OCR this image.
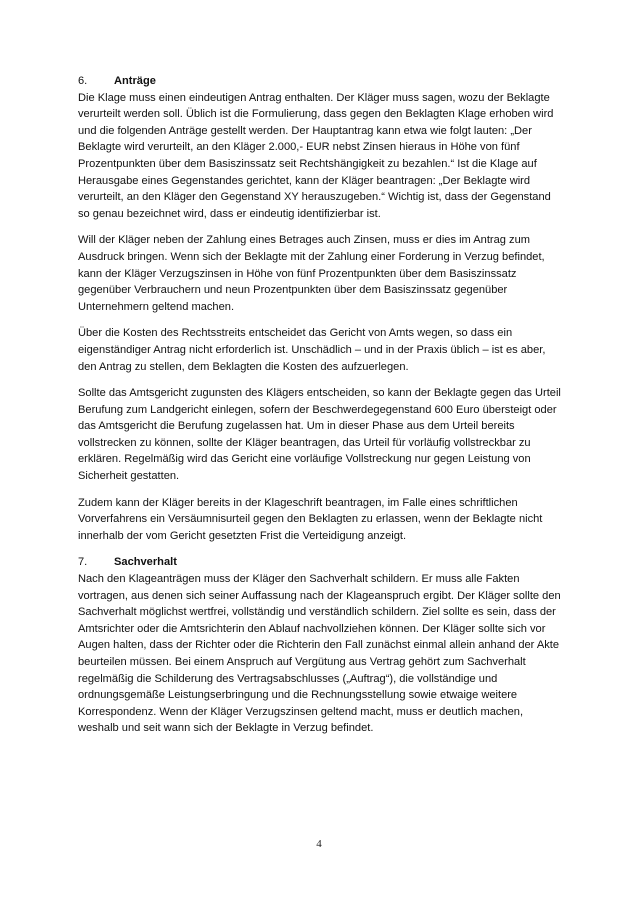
6. Anträge

Die Klage muss einen eindeutigen Antrag enthalten. Der Kläger muss sagen, wozu der Beklagte verurteilt werden soll. Üblich ist die Formulierung, dass gegen den Beklagten Klage erhoben wird und die folgenden Anträge gestellt werden. Der Hauptantrag kann etwa wie folgt lauten: „Der Beklagte wird verurteilt, an den Kläger 2.000,- EUR nebst Zinsen hieraus in Höhe von fünf Prozentpunkten über dem Basiszinssatz seit Rechtshängigkeit zu bezahlen.“ Ist die Klage auf Herausgabe eines Gegenstandes gerichtet, kann der Kläger beantragen: „Der Beklagte wird verurteilt, an den Kläger den Gegenstand XY herauszugeben.“ Wichtig ist, dass der Gegenstand so genau bezeichnet wird, dass er eindeutig identifizierbar ist.

Will der Kläger neben der Zahlung eines Betrages auch Zinsen, muss er dies im Antrag zum Ausdruck bringen. Wenn sich der Beklagte mit der Zahlung einer Forderung in Verzug befindet, kann der Kläger Verzugszinsen in Höhe von fünf Prozentpunkten über dem Basiszinssatz gegenüber Verbrauchern und neun Prozentpunkten über dem Basiszinssatz gegenüber Unternehmern geltend machen.

Über die Kosten des Rechtsstreits entscheidet das Gericht von Amts wegen, so dass ein eigenständiger Antrag nicht erforderlich ist. Unschädlich – und in der Praxis üblich – ist es aber, den Antrag zu stellen, dem Beklagten die Kosten des aufzuerlegen.

Sollte das Amtsgericht zugunsten des Klägers entscheiden, so kann der Beklagte gegen das Urteil Berufung zum Landgericht einlegen, sofern der Beschwerdegegenstand 600 Euro übersteigt oder das Amtsgericht die Berufung zugelassen hat. Um in dieser Phase aus dem Urteil bereits vollstrecken zu können, sollte der Kläger beantragen, das Urteil für vorläufig vollstreckbar zu erklären. Regelmäßig wird das Gericht eine vorläufige Vollstreckung nur gegen Leistung von Sicherheit gestatten.

Zudem kann der Kläger bereits in der Klageschrift beantragen, im Falle eines schriftlichen Vorverfahrens ein Versäumnisurteil gegen den Beklagten zu erlassen, wenn der Beklagte nicht innerhalb der vom Gericht gesetzten Frist die Verteidigung anzeigt.

7. Sachverhalt

Nach den Klageanträgen muss der Kläger den Sachverhalt schildern. Er muss alle Fakten vortragen, aus denen sich seiner Auffassung nach der Klageanspruch ergibt. Der Kläger sollte den Sachverhalt möglichst wertfrei, vollständig und verständlich schildern. Ziel sollte es sein, dass der Amtsrichter oder die Amtsrichterin den Ablauf nachvollziehen können. Der Kläger sollte sich vor Augen halten, dass der Richter oder die Richterin den Fall zunächst einmal allein anhand der Akte beurteilen müssen. Bei einem Anspruch auf Vergütung aus Vertrag gehört zum Sachverhalt regelmäßig die Schilderung des Vertragsabschlusses („Auftrag“), die vollständige und ordnungsgemäße Leistungserbringung und die Rechnungsstellung sowie etwaige weitere Korrespondenz. Wenn der Kläger Verzugszinsen geltend macht, muss er deutlich machen, weshalb und seit wann sich der Beklagte in Verzug befindet.

4
